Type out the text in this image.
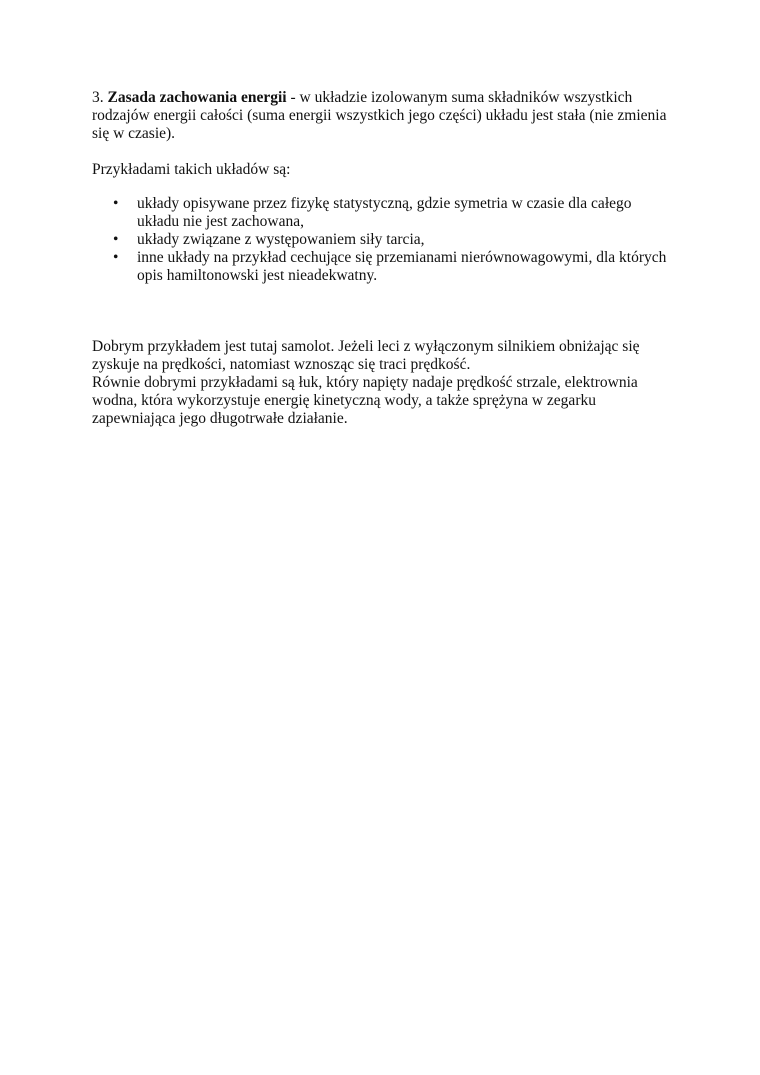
3. Zasada zachowania energii - w układzie izolowanym suma składników wszystkich
rodzajów energii całości (suma energii wszystkich jego części) układu jest stała (nie zmienia
się w czasie).
Przykładami takich układów są:
• układy opisywane przez fizykę statystyczną, gdzie symetria w czasie dla całego
układu nie jest zachowana,
• układy związane z występowaniem siły tarcia,
• inne układy na przykład cechujące się przemianami nierównowagowymi, dla których
opis hamiltonowski jest nieadekwatny.
Dobrym przykładem jest tutaj samolot. Jeżeli leci z wyłączonym silnikiem obniżając się
zyskuje na prędkości, natomiast wznosząc się traci prędkość.
Równie dobrymi przykładami są łuk, który napięty nadaje prędkość strzale, elektrownia
wodna, która wykorzystuje energię kinetyczną wody, a także sprężyna w zegarku
zapewniająca jego długotrwałe działanie.
